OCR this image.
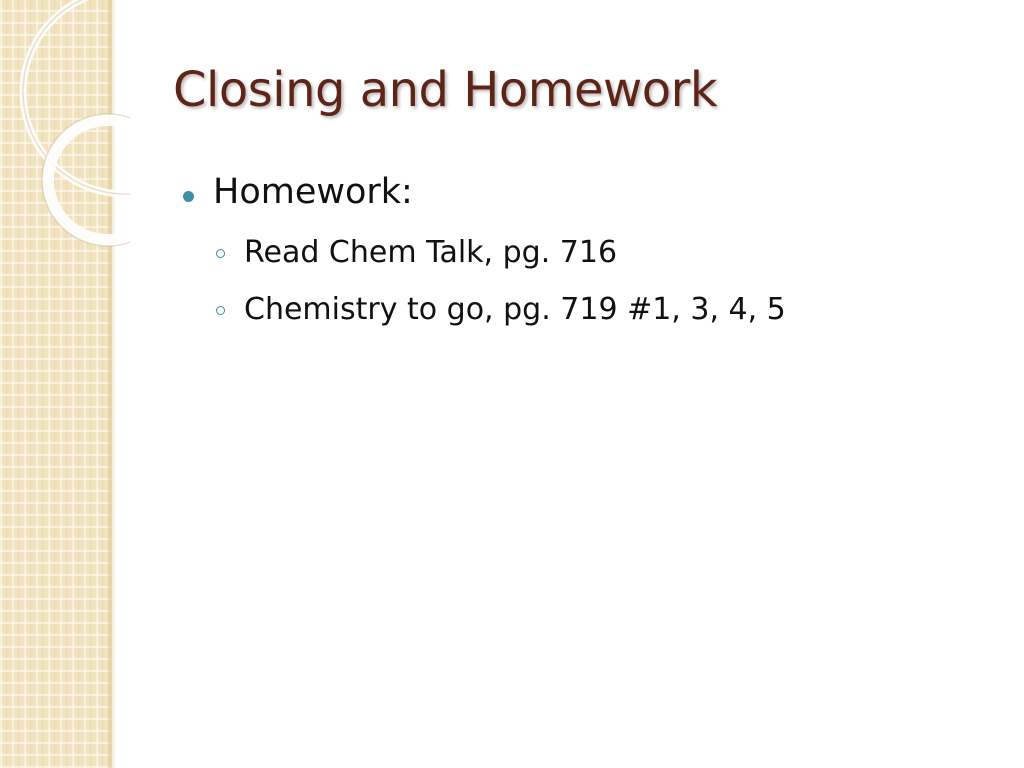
Closing and Homework
Homework:
Read Chem Talk, pg. 716
Chemistry to go, pg. 719 #1, 3, 4, 5
